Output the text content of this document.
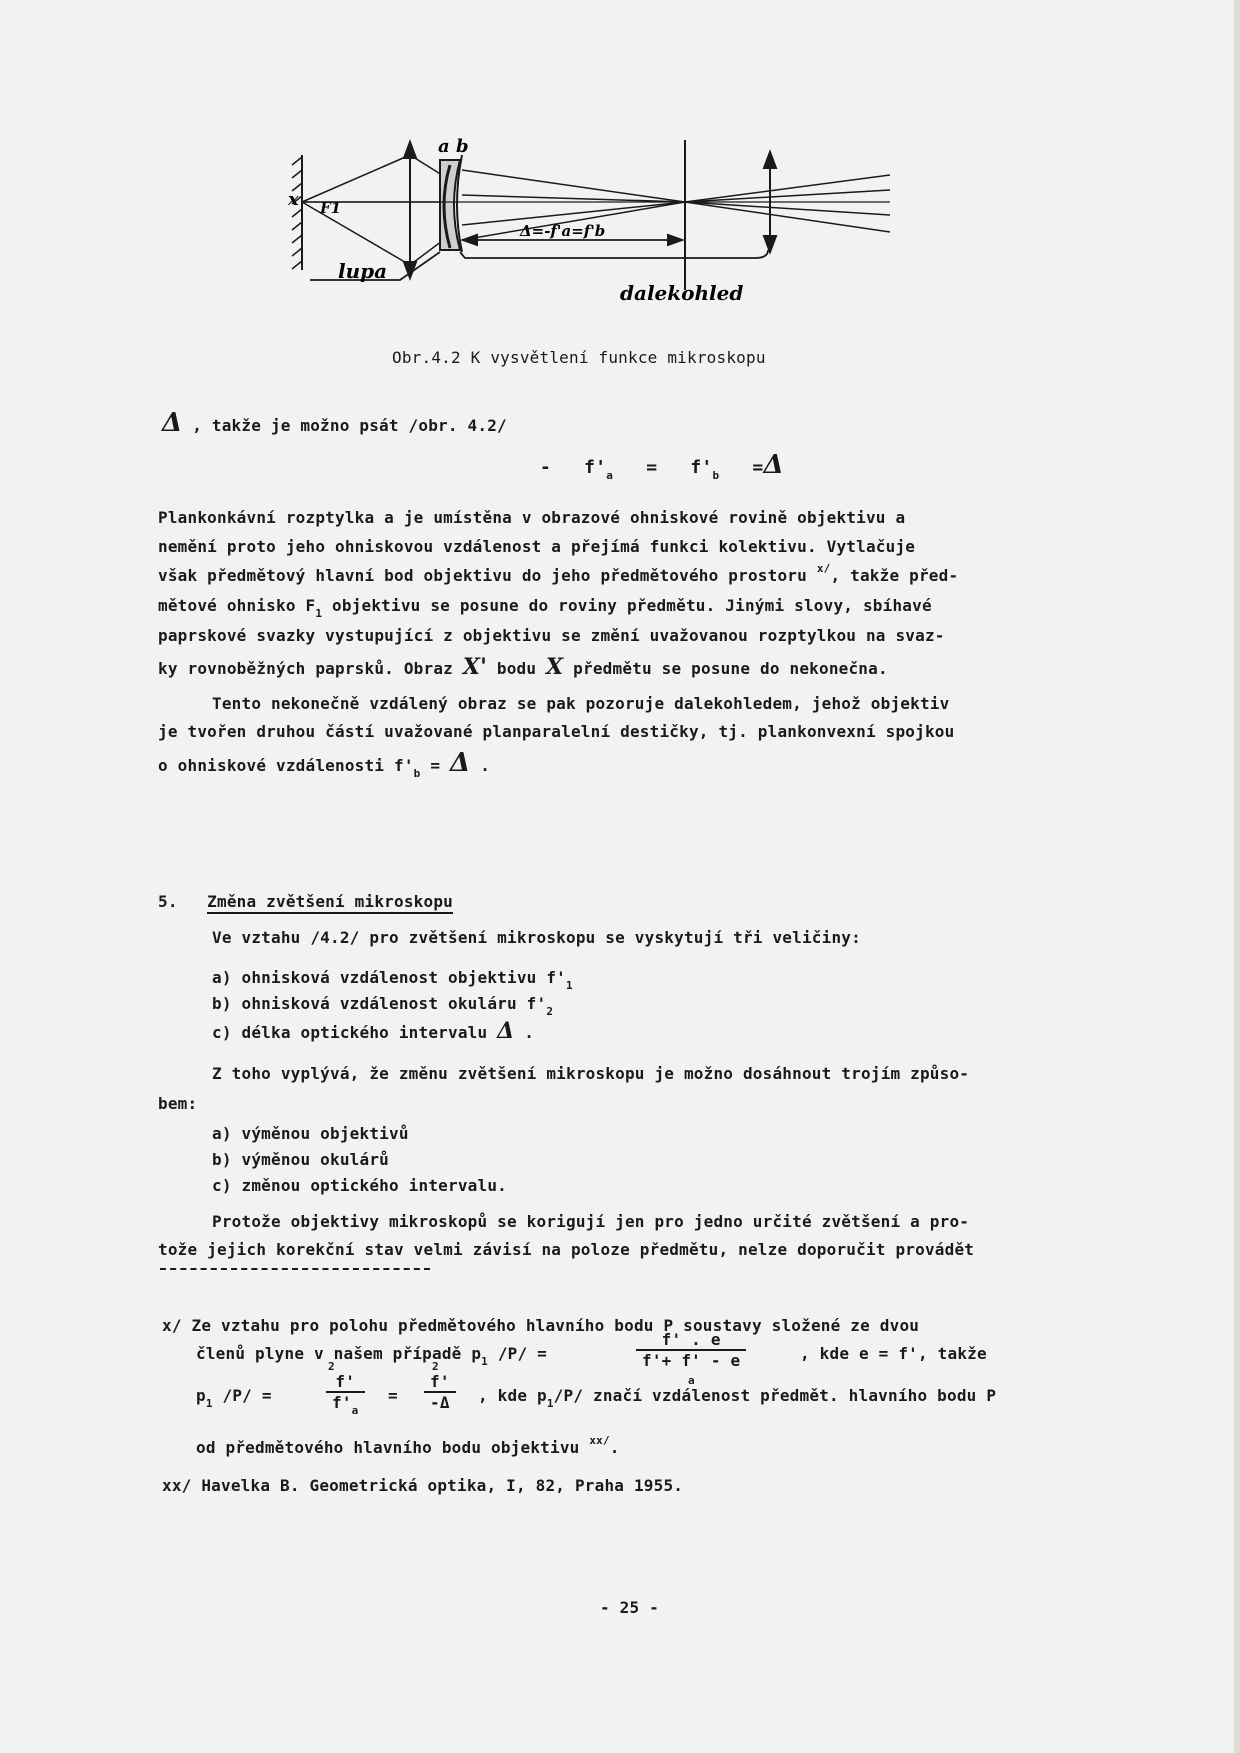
x F1
a b
Δ=-f'a=f'b
lupa
dalekohled
Obr.4.2 K vysvětlení funkce mikroskopu
Δ , takže je možno psát /obr. 4.2/
- $f'_a = f'_b =\Delta$
Plankonkávní rozptylka a je umístěna v obrazové ohniskové rovině objektivu a
nemění proto jeho ohniskovou vzdálenost a přejímá funkci kolektivu. Vytlačuje
však předmětový hlavní bod objektivu do jeho předmětového prostoru $^{x/}$, takže před-
mětové ohnisko $F_1$ objektivu se posune do roviny předmětu. Jinými slovy, sbíhavé
paprskové svazky vystupující z objektivu se změní uvažovanou rozptylkou na svaz-
ky rovnoběžných paprsků. Obraz X' bodu X předmětu se posune do nekonečna.
Tento nekonečně vzdálený obraz se pak pozoruje dalekohledem, jehož objektiv
je tvořen druhou částí uvažované planparalelní destičky, tj. plankonvexní spojkou
o ohniskové vzdálenosti $f'_b = \Delta$ .
5. Změna zvětšení mikroskopu
Ve vztahu /4.2/ pro zvětšení mikroskopu se vyskytují tři veličiny:
a) ohnisková vzdálenost objektivu $f'_1$
b) ohnisková vzdálenost okuláru $f'_2$
c) délka optického intervalu Δ .
Z toho vyplývá, že změnu zvětšení mikroskopu je možno dosáhnout trojím způso-
bem:
a) výměnou objektivů
b) výměnou okulárů
c) změnou optického intervalu.
Protože objektivy mikroskopů se korigují jen pro jedno určité zvětšení a pro-
tože jejich korekční stav velmi závisí na poloze předmětu, nelze doporučit provádět
x/ Ze vztahu pro polohu předmětového hlavního bodu P soustavy složené ze dvou
členů plyne v našem případě $p_1$ /P/ =	$\frac{f' . e}{f'+ f' - e}$
a
, kde e = f', takže
2	2
$p_1$ /P/ =	$\frac{f'}{f'_a} = \frac{f'}{-\Delta}$ , kde $p_1/P/$ značí vzdálenost předmět. hlavního bodu P
od předmětového hlavního bodu objektivu $^{xx/}$.
xx/ Havelka B. Geometrická optika, I, 82, Praha 1955.
- 25 -
